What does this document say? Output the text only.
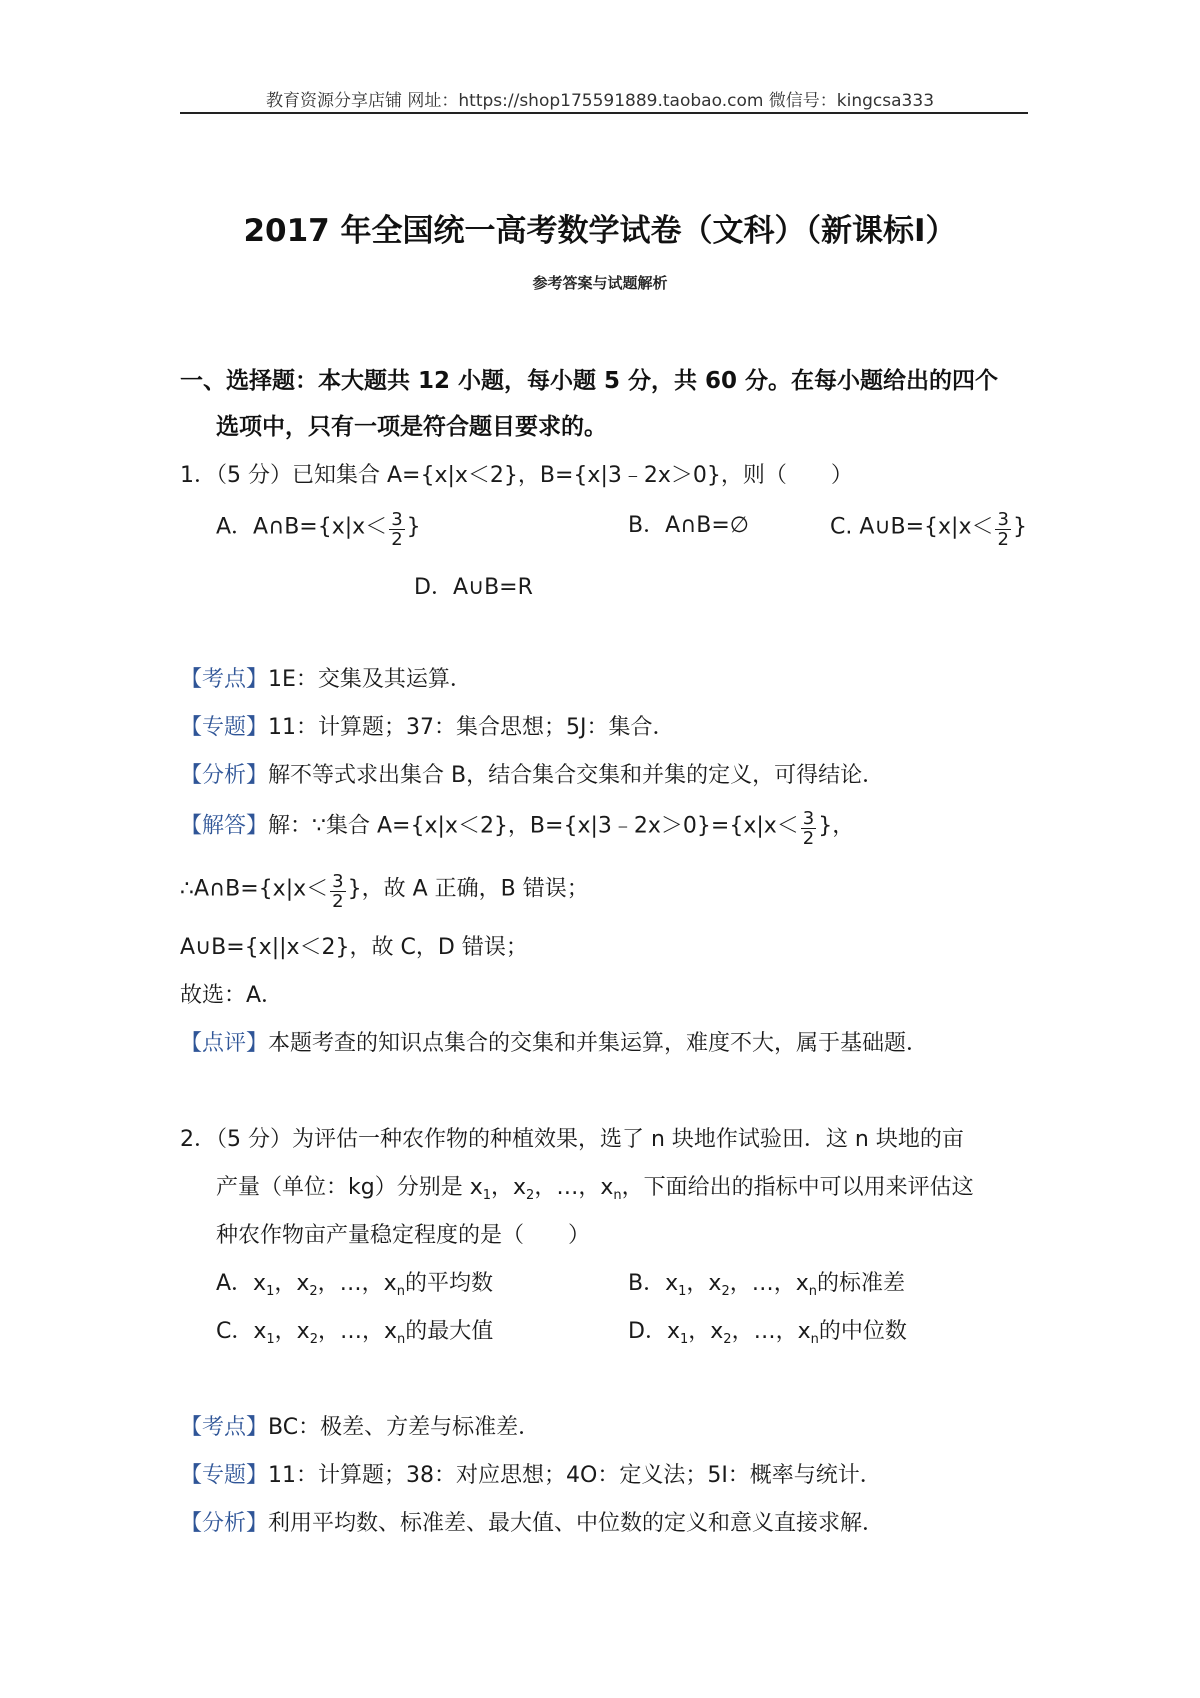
教育资源分享店铺 网址：https://shop175591889.taobao.com 微信号：kingcsa333
2017 年全国统一高考数学试卷（文科）（新课标Ⅰ）
参考答案与试题解析
一、选择题：本大题共 12 小题，每小题 5 分，共 60 分。在每小题给出的四个
选项中，只有一项是符合题目要求的。
1．（5 分）已知集合 A={x|x＜2}，B={x|3﹣2x＞0}，则（　　）
A．A∩B={x|x＜ $\frac{3}{2}$ }	B．A∩B=∅	C. A∪B={x|x＜ $\frac{3}{2}$ }
D．A∪B=R
【考点】1E：交集及其运算．
【专题】11：计算题；37：集合思想；5J：集合．
【分析】解不等式求出集合 B，结合集合交集和并集的定义，可得结论．
【解答】解：∵集合 A={x|x＜2}，B={x|3﹣2x＞0}={x|x＜ $\frac{3}{2}$ }，
∴A∩B={x|x＜ $\frac{3}{2}$ }，故 A 正确，B 错误；
A∪B={x||x＜2}，故 C，D 错误；
故选：A．
【点评】本题考查的知识点集合的交集和并集运算，难度不大，属于基础题．
2．（5 分）为评估一种农作物的种植效果，选了 n 块地作试验田．这 n 块地的亩
产量（单位：kg）分别是 $x_1$，$x_2$，…，$x_n$，下面给出的指标中可以用来评估这
种农作物亩产量稳定程度的是（　　）
A．$x_1$，$x_2$，…，$x_n$的平均数	B．$x_1$，$x_2$，…，$x_n$的标准差
C．$x_1$，$x_2$，…，$x_n$的最大值	D．$x_1$，$x_2$，…，$x_n$的中位数
【考点】BC：极差、方差与标准差．
【专题】11：计算题；38：对应思想；4O：定义法；5I：概率与统计．
【分析】利用平均数、标准差、最大值、中位数的定义和意义直接求解．
